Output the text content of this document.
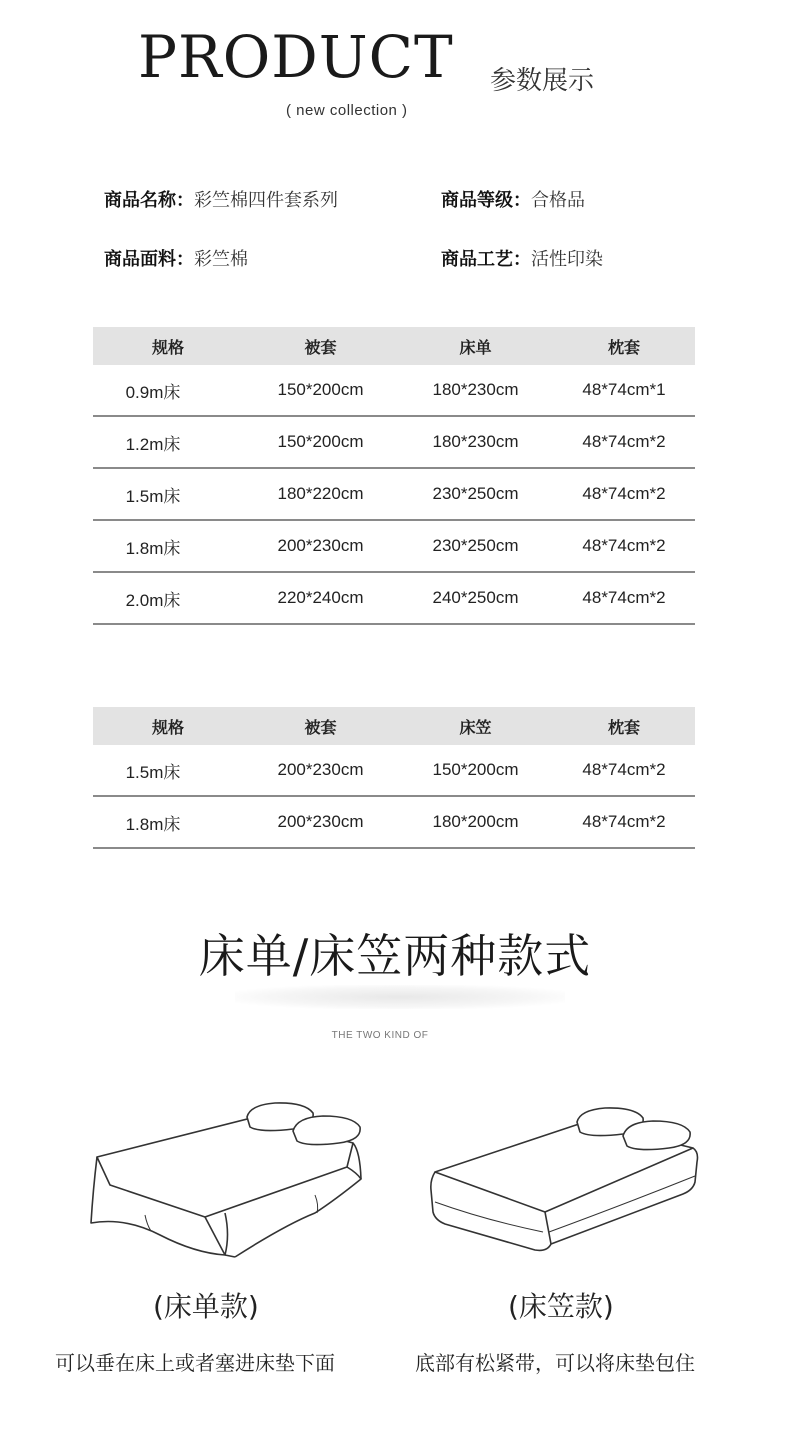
PRODUCT
( new collection )
参数展示
商品名称：彩竺棉四件套系列	商品等级：合格品
商品面料：彩竺棉	商品工艺：活性印染
规格	被套	床单	枕套
0.9m床	150*200cm	180*230cm	48*74cm*1
1.2m床	150*200cm	180*230cm	48*74cm*2
1.5m床	180*220cm	230*250cm	48*74cm*2
1.8m床	200*230cm	230*250cm	48*74cm*2
2.0m床	220*240cm	240*250cm	48*74cm*2
规格	被套	床笠	枕套
1.5m床	200*230cm	150*200cm	48*74cm*2
1.8m床	200*230cm	180*200cm	48*74cm*2
床单/床笠两种款式
THE TWO KIND OF
(床单款)	(床笠款)
可以垂在床上或者塞进床垫下面	底部有松紧带，可以将床垫包住
